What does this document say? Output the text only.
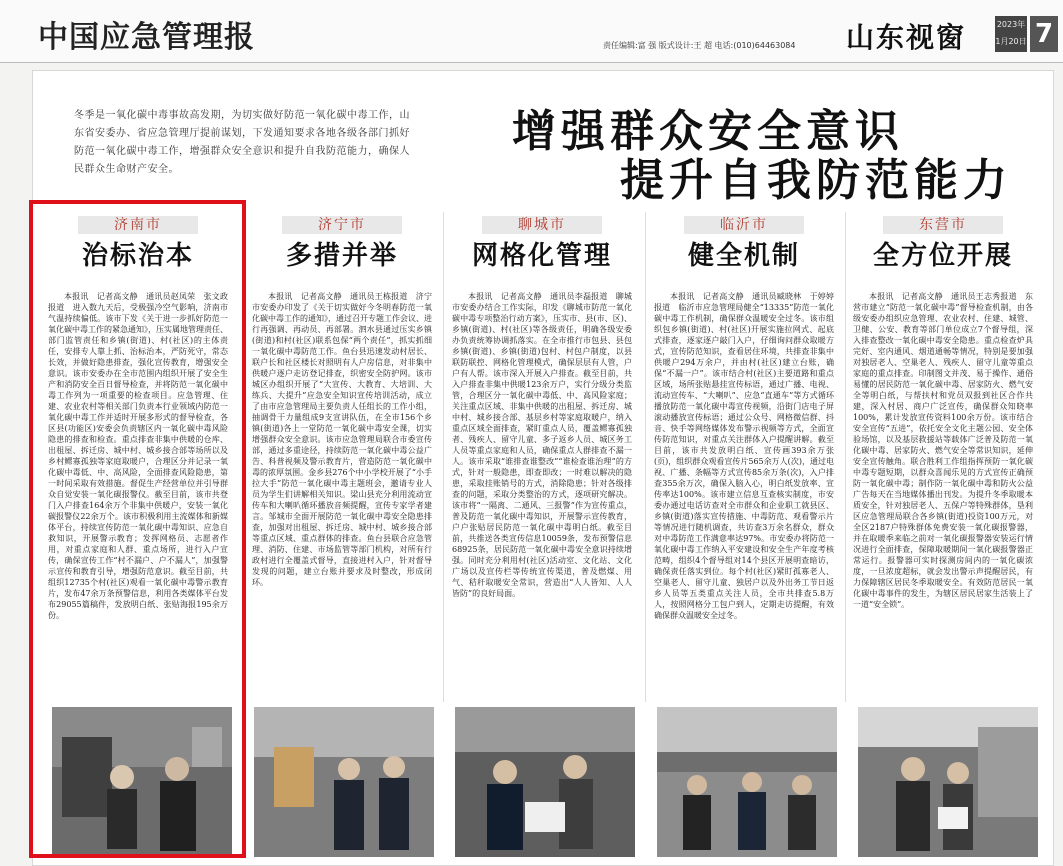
中国应急管理报	责任编辑:富 强 版式设计:王 超 电话:(010)64463084 山东视窗	2023年
1月20日 7
冬季是一氧化碳中毒事故高发期，为切实做好防范一氧化碳中毒工作，山东省安委办、省应急管理厅提前谋划，下发通知要求各地各级各部门抓好防范一氧化碳中毒工作，增强群众安全意识和提升自我防范能力，确保人民群众生命财产安全。
增强群众安全意识
提升自我防范能力
济南市
治标治本
本报讯　记者高文静　通讯员赵凤荣　张文政报道　进入数九天后，受极强冷空气影响，济南市气温持续偏低。该市下发《关于进一步抓好防范一氧化碳中毒工作的紧急通知》，压实属地管理责任、部门监管责任和乡镇(街道)、村(社区)的主体责任，安排专人靠上抓、治标治本，严防死守，常态长效，并做好隐患排查，强化宣传教育，增强安全意识。该市安委办在全市范围内组织开展了安全生产和消防安全百日督导检查，并将防范一氧化碳中毒工作列为一项重要的检查项目。应急管理、住建、农业农村等相关部门负责本行业领域内防范一氧化碳中毒工作并适时开展多形式的督导检查，各区县(功能区)安委会负责辖区内一氧化碳中毒风险隐患的排查和检查。重点排查非集中供暖的仓库、出租屋、拆迁房、城中村、城乡接合部等场所以及乡村鳏寡孤独等家庭取暖户，合理区分并记录一氧化碳中毒低、中、高风险，全面排查风险隐患，第一时间采取有效措施。督促生产经营单位并引导群众自觉安装一氧化碳报警仪。截至目前，该市共登门入户排查164余万个非集中供暖户，安装一氧化碳报警仪22余万个。该市积极利用主流媒体和新媒体平台，持续宣传防范一氧化碳中毒知识、应急自救知识，开展警示教育；发挥网格员、志愿者作用，对重点家庭和人群、重点场所，进行入户宣传，确保宣传工作“村不漏户、户不漏人”，加强警示宣传和教育引导，增强防范意识。截至目前，共组织12735个村(社区)观看一氧化碳中毒警示教育片，发布47余万条预警信息，利用各类媒体平台发布29055篇稿件，发放明白纸、张贴海报195余万份。
济宁市
多措并举
本报讯　记者高文静　通讯员王栋报道　济宁市安委办印发了《关于切实做好今冬明春防范一氧化碳中毒工作的通知》，通过召开专题工作会议、进行再强调、再动员、再部署。泗水县通过压实乡镇(街道)和村(社区)联系包保“两个责任”，抓实抓细一氧化碳中毒防范工作。鱼台县迅速发动村居长、联户长和社区楼长对照明有人户房信息，对非集中供暖户逐户走访登记排查，织密安全防护网。该市城区办组织开展了“大宣传、大教育、大培训、大练兵、大提升”应急安全知识宣传培训活动，成立了由市应急管理局主要负责人任组长的工作小组，抽调骨干力量组成9支宣讲队伍，在全市156个乡镇(街道)各上一堂防范一氧化碳中毒安全课，切实增强群众安全意识。该市应急管理局联合市委宣传部，通过多重途径，持续防范一氧化碳中毒公益广告、科普视频及警示教育片，营造防范一氧化碳中毒的浓厚氛围。金乡县276个中小学校开展了“小手拉大手”防范一氧化碳中毒主题班会，邀请专业人员为学生们讲解相关知识。梁山县充分利用流动宣传车和大喇叭循环播放音频提醒，宣传专家学者建言。邹城市全面开展防范一氧化碳中毒安全隐患排查，加强对出租屋、拆迁房、城中村、城乡接合部等重点区域、重点群体的排查。鱼台县联合应急管理、消防、住建、市场监管等部门机构，对所有行政村进行全覆盖式督导，直接进村入户，针对督导发现的问题，建立台账并要求及时整改，形成闭环。
聊城市
网格化管理
本报讯　记者高文静　通讯员李磊报道　聊城市安委办结合工作实际，印发《聊城市防范一氧化碳中毒专项整治行动方案》，压实市、县(市、区)、乡镇(街道)、村(社区)等各级责任，明确各级安委办负责统筹协调抓落实。在全市推行市包县、县包乡镇(街道)、乡镇(街道)包村、村包户制度，以县联防联控、网格化管理模式，确保层层有人管，户户有人帮。该市深入开展入户排查。截至目前，共入户排查非集中供暖123余万户，实行分级分类监管，合理区分一氧化碳中毒低、中、高风险家庭；关注重点区域、非集中供暖的出租屋、拆迁房、城中村、城乡接合部、基层乡村等家庭取暖户，纳入重点区域全面排查，紧盯重点人员，覆盖鳏寡孤独者、残疾人、留守儿童、多子返乡人员、城区务工人员等重点家庭和人员，确保重点人群排查不漏一人。该市采取“谁排查谁整改”“谁检查谁治理”的方式，针对一般隐患，即查即改；一时难以解决的隐患，采取挂账销号的方式，消除隐患；针对各级排查的问题，采取分类整治的方式，逐项研究解决。该市将“一隔离、二通风、三报警”作为宣传重点，普及防范一氧化碳中毒知识，开展警示宣传教育，户户张贴居民防范一氧化碳中毒明白纸。截至目前，共推送各类宣传信息10059条，发布预警信息68925条，居民防范一氧化碳中毒安全意识持续增强。同时充分利用村(社区)活动室、文化站、文化广场以及宣传栏等传统宣传渠道，普及燃煤、用气、秸秆取暖安全常识，营造出“人人皆知、人人皆防”的良好局面。
临沂市
健全机制
本报讯　记者高文静　通讯员臧晓林　于婷婷报道　临沂市应急管理局健全“13335”防范一氧化碳中毒工作机制，确保群众温暖安全过冬。该市组织包乡镇(街道)、村(社区)开展实施拉网式、起底式排查，逐家逐户敲门入户，仔细询问群众取暖方式，宣传防范知识，查看居住环境，共排查非集中供暖户294万余户，并由村(社区)建立台账，确保“不漏一户”。该市结合村(社区)主要道路和重点区域，场所张贴悬挂宣传标语，通过广播、电视、流动宣传车、“大喇叭”、应急“直通车”等方式循环播放防范一氧化碳中毒宣传视频，沿街门店电子屏滚动播放宣传标语；通过公众号、网格微信群、抖音、快手等网络媒体发布警示视频等方式，全面宣传防范知识，对重点关注群体入户提醒讲解。截至目前，该市共发放明白纸、宣传画393余万张(页)，组织群众观看宣传片565余万人(次)，通过电视、广播、条幅等方式宣传85余万条(次)，入户排查355余万次，确保入脑入心，明白纸发放率、宣传率达100%。该市建立信息互查核实制度，市安委办通过电话访查对全市群众和企业职工就县区、乡镇(街道)落实宣传措施、中毒防范、观看警示片等情况进行随机调查，共访查3万余名群众，群众对中毒防范工作满意率达97%。市安委办将防范一氧化碳中毒工作纳入平安建设和安全生产年度考核范畴，组织4个督导组对14个县区开展明查暗访，确保责任落实到位。每个村(社区)紧盯孤寡老人、空巢老人、留守儿童、独居户以及外出务工节日返乡人员等五类重点关注人员，全市共排查5.8万人，按照网格分工包户到人，定期走访提醒，有效确保群众温暖安全过冬。
东营市
全方位开展
本报讯　记者高文静　通讯员王志秀报道　东营市建立“防范一氧化碳中毒”督导检查机制，由各级安委办组织应急管理、农业农村、住建、城管、卫健、公安、教育等部门单位成立7个督导组，深入排查整改一氧化碳中毒安全隐患。重点检查炉具完好、室内通风、烟道通畅等情况，特别是要加强对独居老人、空巢老人、残疾人、留守儿童等重点家庭的重点排查。印制图文并茂、易于操作、通俗易懂的居民防范一氧化碳中毒、居家防火、燃气安全等明白纸，与帮扶村和党员双报到社区合作共建，深入村居、商户广泛宣传，确保群众知晓率100%，累计发放宣传资料100余万份。该市结合安全宣传“五进”，依托安全文化主题公园、安全体验场馆，以及基层救援站等载体广泛普及防范一氧化碳中毒、居家防火、燃气安全等常识知识，延伸安全宣传触角。联合胜利工作组指挥预防一氧化碳中毒专题短期，以群众喜闻乐见的方式宣传正确预防一氧化碳中毒；制作防一氧化碳中毒和防火公益广告每天在当地媒体播出刊发。为提升冬季取暖本质安全，针对独居老人、五保户等特殊群体，垦利区应急管理局联合各乡镇(街道)投资100万元，对全区2187户特殊群体免费安装一氧化碳报警器，并在取暖季来临之前对一氧化碳报警器安装运行情况进行全面排查，保障取暖期间一氧化碳报警器正常运行。报警器可实时探测房间内的一氧化碳浓度，一旦浓度超标，就会发出警示声提醒居民，有力保障辖区居民冬季取暖安全。有效防范居民一氧化碳中毒事件的发生，为辖区居民居家生活装上了一道“安全锁”。
